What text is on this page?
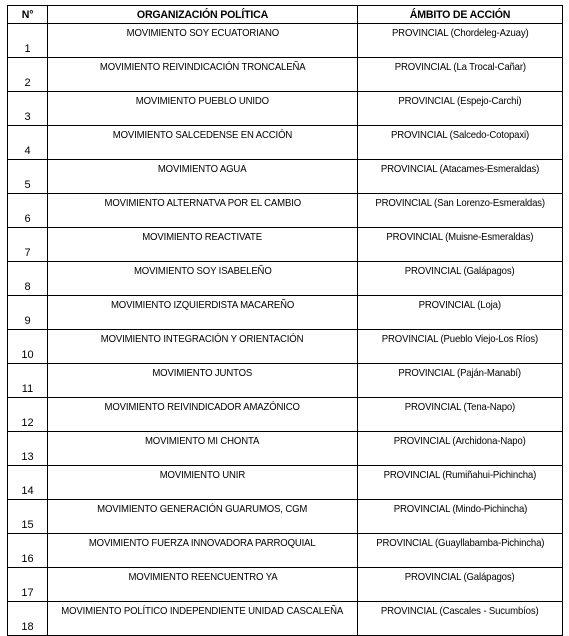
N°	ORGANIZACIÓN POLÍTICA	ÁMBITO DE ACCIÓN
1	MOVIMIENTO SOY ECUATORIANO	PROVINCIAL (Chordeleg-Azuay)
2	MOVIMIENTO REIVINDICACIÓN TRONCALEÑA	PROVINCIAL (La Trocal-Cañar)
3	MOVIMIENTO PUEBLO UNIDO	PROVINCIAL (Espejo-Carchi)
4	MOVIMIENTO SALCEDENSE EN ACCIÓN	PROVINCIAL (Salcedo-Cotopaxi)
5	MOVIMIENTO AGUA	PROVINCIAL (Atacames-Esmeraldas)
6	MOVIMIENTO ALTERNATVA POR EL CAMBIO	PROVINCIAL (San Lorenzo-Esmeraldas)
7	MOVIMIENTO REACTIVATE	PROVINCIAL (Muisne-Esmeraldas)
8	MOVIMIENTO SOY ISABELEÑO	PROVINCIAL (Galápagos)
9	MOVIMIENTO IZQUIERDISTA MACAREÑO	PROVINCIAL (Loja)
10	MOVIMIENTO INTEGRACIÓN Y ORIENTACIÓN	PROVINCIAL (Pueblo Viejo-Los Ríos)
11	MOVIMIENTO JUNTOS	PROVINCIAL (Paján-Manabí)
12	MOVIMIENTO REIVINDICADOR AMAZÓNICO	PROVINCIAL (Tena-Napo)
13	MOVIMIENTO MI CHONTA	PROVINCIAL (Archidona-Napo)
14	MOVIMIENTO UNIR	PROVINCIAL (Rumiñahui-Pichincha)
15	MOVIMIENTO GENERACIÓN GUARUMOS, CGM	PROVINCIAL (Mindo-Pichincha)
16	MOVIMIENTO FUERZA INNOVADORA PARROQUIAL	PROVINCIAL (Guayllabamba-Pichincha)
17	MOVIMIENTO REENCUENTRO YA	PROVINCIAL (Galápagos)
18	MOVIMIENTO POLÍTICO INDEPENDIENTE UNIDAD CASCALEÑA	PROVINCIAL (Cascales - Sucumbíos)
